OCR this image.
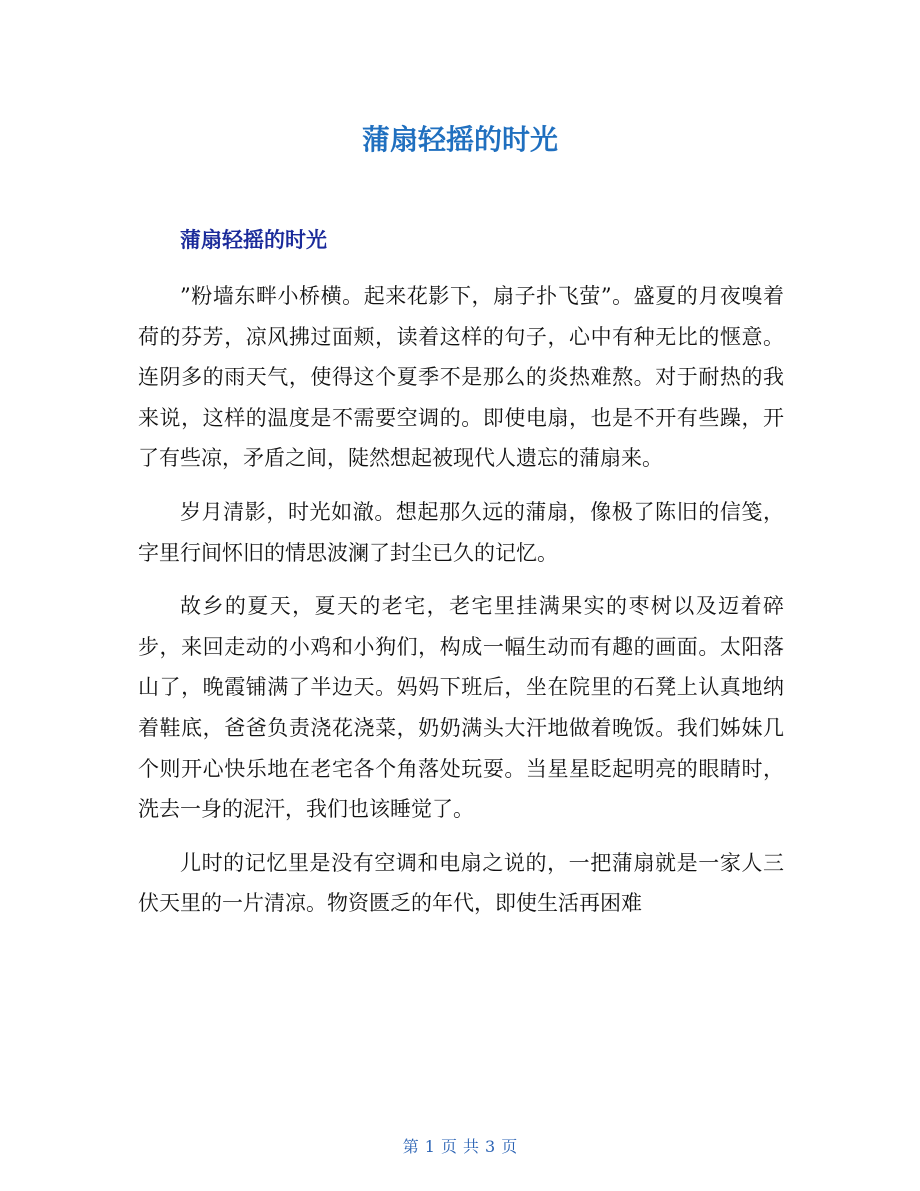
蒲扇轻摇的时光
蒲扇轻摇的时光

”粉墙东畔小桥横。起来花影下，扇子扑飞萤”。盛夏的月夜嗅着荷的芬芳，凉风拂过面颊，读着这样的句子，心中有种无比的惬意。连阴多的雨天气，使得这个夏季不是那么的炎热难熬。对于耐热的我来说，这样的温度是不需要空调的。即使电扇，也是不开有些躁，开了有些凉，矛盾之间，陡然想起被现代人遗忘的蒲扇来。

岁月清影，时光如澈。想起那久远的蒲扇，像极了陈旧的信笺，字里行间怀旧的情思波澜了封尘已久的记忆。

故乡的夏天，夏天的老宅，老宅里挂满果实的枣树以及迈着碎步，来回走动的小鸡和小狗们，构成一幅生动而有趣的画面。太阳落山了，晚霞铺满了半边天。妈妈下班后，坐在院里的石凳上认真地纳着鞋底，爸爸负责浇花浇菜，奶奶满头大汗地做着晚饭。我们姊妹几个则开心快乐地在老宅各个角落处玩耍。当星星眨起明亮的眼睛时，洗去一身的泥汗，我们也该睡觉了。

儿时的记忆里是没有空调和电扇之说的，一把蒲扇就是一家人三伏天里的一片清凉。物资匮乏的年代，即使生活再困难

第 1 页 共 3 页
